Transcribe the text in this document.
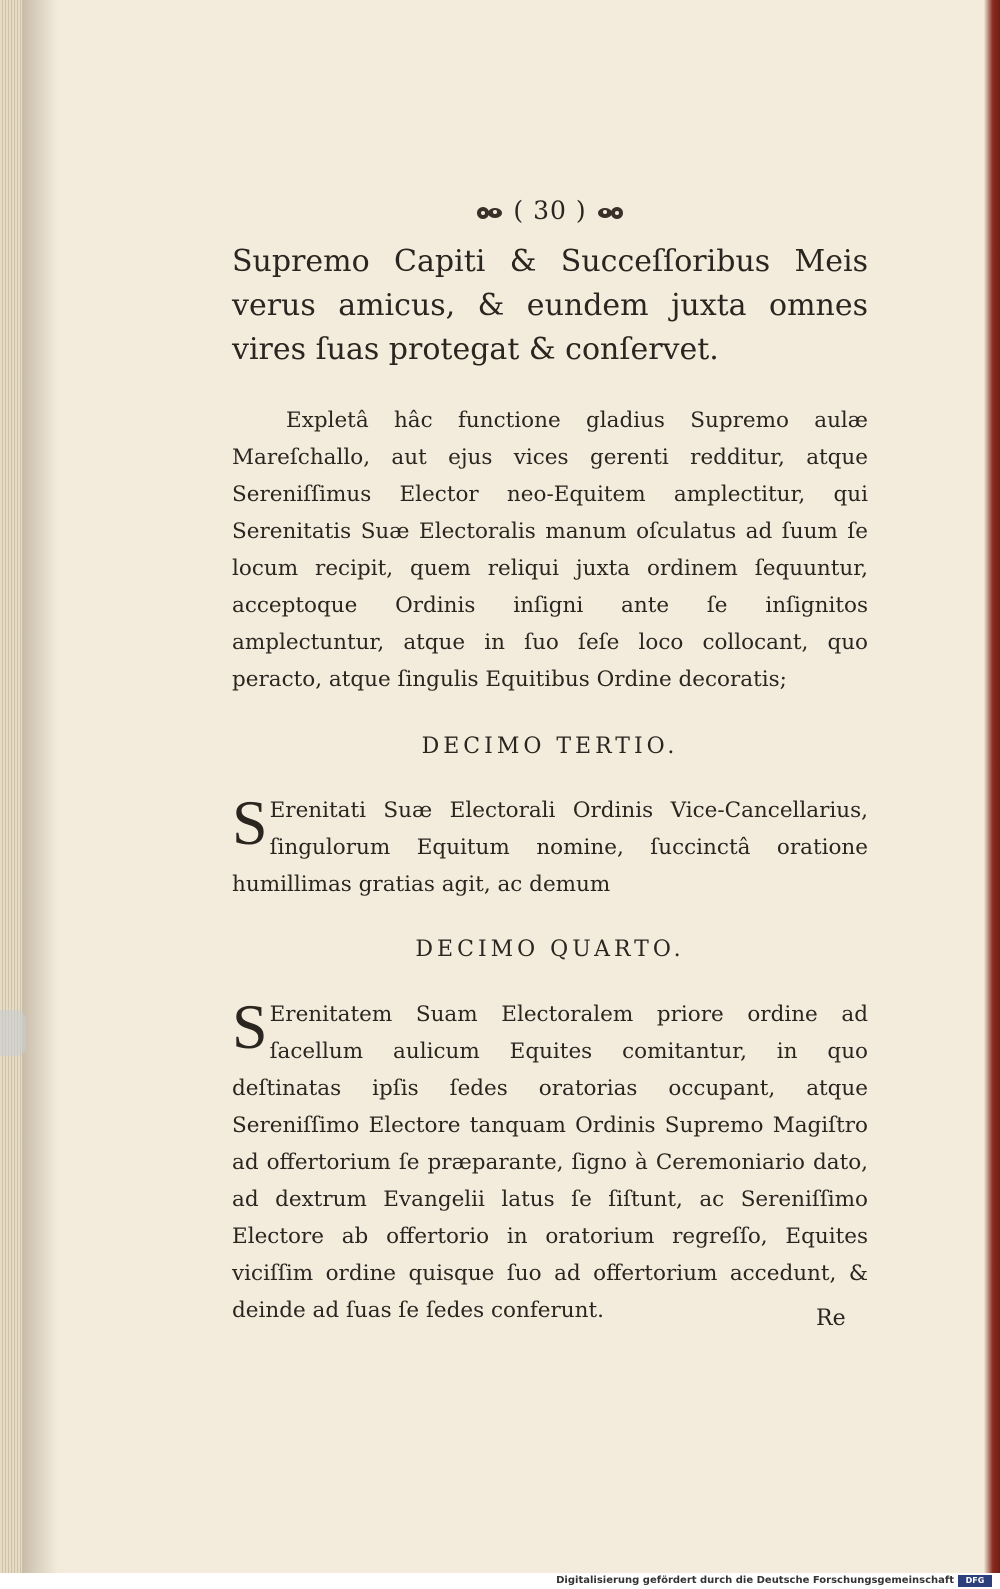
( 30 )
Supremo Capiti & Succeſſoribus Meis verus amicus, & eundem juxta omnes vires ſuas protegat & conſervet.
Expletâ hâc functione gladius Supremo aulæ Mareſchallo, aut ejus vices gerenti redditur, atque Sereniſſimus Elector neo-Equitem amplectitur, qui Serenitatis Suæ Electoralis manum oſculatus ad ſuum ſe locum recipit, quem reliqui juxta ordinem ſequuntur, acceptoque Ordinis inſigni ante ſe inſignitos amplectuntur, atque in ſuo ſeſe loco collocant, quo peracto, atque ſingulis Equitibus Ordine decoratis;
DECIMO TERTIO.
S Erenitati Suæ Electorali Ordinis Vice-Cancellarius, ſingulorum Equitum nomine, ſuccinctâ oratione humillimas gratias agit, ac demum
DECIMO QUARTO.
S Erenitatem Suam Electoralem priore ordine ad ſacellum aulicum Equites comitantur, in quo deſtinatas ipſis ſedes oratorias occupant, atque Sereniſſimo Electore tanquam Ordinis Supremo Magiſtro ad offertorium ſe præparante, ſigno à Ceremoniario dato, ad dextrum Evangelii latus ſe ſiſtunt, ac Sereniſſimo Electore ab offertorio in oratorium regreſſo, Equites viciſſim ordine quisque ſuo ad offertorium accedunt, & deinde ad ſuas ſe ſedes conferunt.	Re
Digitalisierung gefördert durch die Deutsche Forschungsgemeinschaft	DFG
